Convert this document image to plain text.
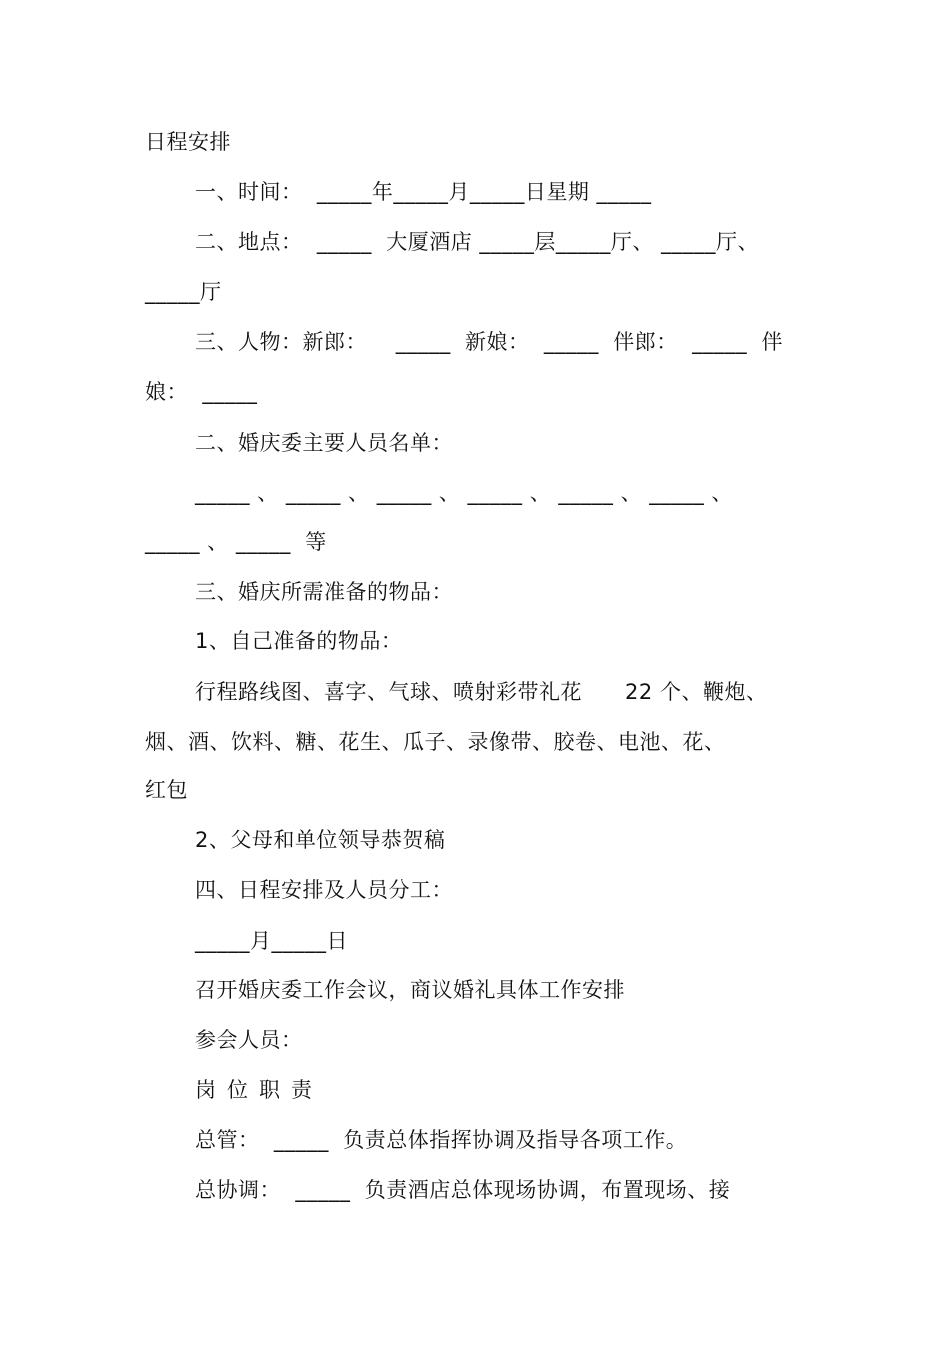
日程安排
一、时间：  _____年_____月_____日星期 _____
二、地点：  _____  大厦酒店 _____层_____厅、 _____厅、
_____厅
三、人物：新郎：    _____  新娘：  _____  伴郎：  _____  伴
娘：  _____
二、婚庆委主要人员名单：
_____ 、 _____ 、 _____ 、 _____ 、 _____ 、 _____ 、
_____ 、 _____  等
三、婚庆所需准备的物品：
1、自己准备的物品：
行程路线图、喜字、气球、喷射彩带礼花      22 个、鞭炮、
烟、酒、饮料、糖、花生、瓜子、录像带、胶卷、电池、花、
红包
2、父母和单位领导恭贺稿
四、日程安排及人员分工：
_____月_____日
召开婚庆委工作会议，商议婚礼具体工作安排
参会人员：
岗位职责
总管：  _____  负责总体指挥协调及指导各项工作。
总协调：  _____  负责酒店总体现场协调，布置现场、接
